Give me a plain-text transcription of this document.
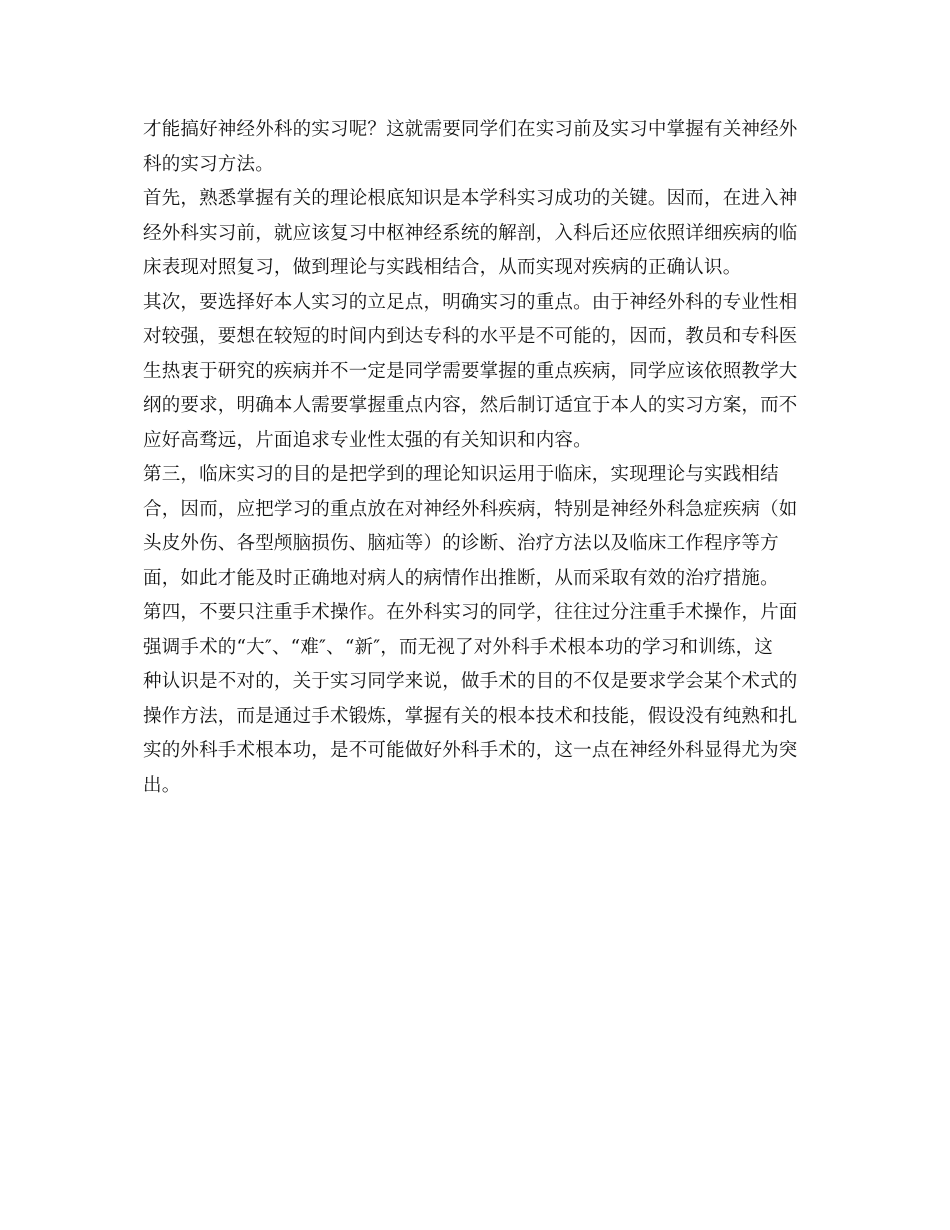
才能搞好神经外科的实习呢？这就需要同学们在实习前及实习中掌握有关神经外
科的实习方法。
首先，熟悉掌握有关的理论根底知识是本学科实习成功的关键。因而，在进入神
经外科实习前，就应该复习中枢神经系统的解剖，入科后还应依照详细疾病的临
床表现对照复习，做到理论与实践相结合，从而实现对疾病的正确认识。
其次，要选择好本人实习的立足点，明确实习的重点。由于神经外科的专业性相
对较强，要想在较短的时间内到达专科的水平是不可能的，因而，教员和专科医
生热衷于研究的疾病并不一定是同学需要掌握的重点疾病，同学应该依照教学大
纲的要求，明确本人需要掌握重点内容，然后制订适宜于本人的实习方案，而不
应好高骛远，片面追求专业性太强的有关知识和内容。
第三，临床实习的目的是把学到的理论知识运用于临床，实现理论与实践相结
合，因而，应把学习的重点放在对神经外科疾病，特别是神经外科急症疾病（如
头皮外伤、各型颅脑损伤、脑疝等）的诊断、治疗方法以及临床工作程序等方
面，如此才能及时正确地对病人的病情作出推断，从而采取有效的治疗措施。
第四，不要只注重手术操作。在外科实习的同学，往往过分注重手术操作，片面
强调手术的“大″、“难″、“新″，而无视了对外科手术根本功的学习和训练，这
种认识是不对的，关于实习同学来说，做手术的目的不仅是要求学会某个术式的
操作方法，而是通过手术锻炼，掌握有关的根本技术和技能，假设没有纯熟和扎
实的外科手术根本功，是不可能做好外科手术的，这一点在神经外科显得尤为突
出。
